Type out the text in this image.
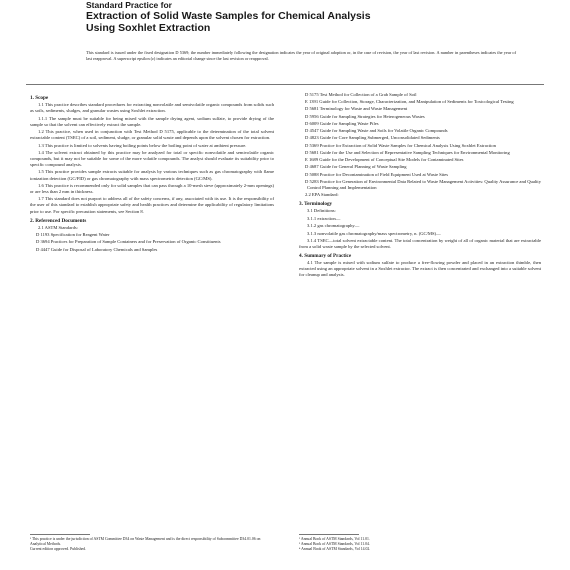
Standard Practice for
Extraction of Solid Waste Samples for Chemical Analysis
Using Soxhlet Extraction
This standard is issued under the fixed designation D 5369; the number immediately following the designation indicates the year of original adoption or, in the case of revision, the year of last revision. A number in parentheses indicates the year of last reapproval. A superscript epsilon (ε) indicates an editorial change since the last revision or reapproval.
1. Scope

1.1 This practice describes standard procedures for extracting nonvolatile and semivolatile organic compounds from solids such as soils, sediments, sludges, and granular wastes using Soxhlet extraction.

1.1.1 The sample must be suitable for being mixed with the sample drying agent, sodium sulfate, to provide drying of the sample so that the solvent can effectively extract the sample.

1.2 This practice, when used in conjunction with Test Method D 5175, applicable to the determination of the total solvent extractable content (TSEC) of a soil, sediment, sludge, or granular solid waste and depends upon the solvent chosen for extraction.

1.3 This practice is limited to solvents having boiling points below the boiling point of water at ambient pressure.

1.4 The solvent extract obtained by this practice may be analyzed for total or specific nonvolatile and semivolatile organic compounds, but it may not be suitable for some of the more volatile compounds. The analyst should evaluate its suitability prior to specific compound analysis.

1.5 This practice provides sample extracts suitable for analysis by various techniques such as gas chromatography with flame ionization detection (GC/FID) or gas chromatography with mass spectrometric detection (GC/MS).

1.6 This practice is recommended only for solid samples that can pass through a 10-mesh sieve (approximately 2-mm openings) or are less than 2 mm in thickness.

1.7 This standard does not purport to address all of the safety concerns, if any, associated with its use. It is the responsibility of the user of this standard to establish appropriate safety and health practices and determine the applicability of regulatory limitations prior to use. For specific precaution statements, see Section 8.

2. Referenced Documents

2.1 ASTM Standards:

D 1193 Specification for Reagent Water
D 3694 Practices for Preparation of Sample Containers and for Preservation of Organic Constituents
D 4447 Guide for Disposal of Laboratory Chemicals and Samples
D 5175 Test Method for Collection of a Grab Sample of Soil
E 1391 Guide for Collection, Storage, Characterization, and Manipulation of Sediments for Toxicological Testing
D 5681 Terminology for Waste and Waste Management
D 5956 Guide for Sampling Strategies for Heterogeneous Wastes
D 6009 Guide for Sampling Waste Piles
D 4547 Guide for Sampling Waste and Soils for Volatile Organic Compounds
D 4823 Guide for Core Sampling Submerged, Unconsolidated Sediments
D 5369 Practice for Extraction of Solid Waste Samples for Chemical Analysis Using Soxhlet Extraction
D 5681 Guide for the Use and Selection of Representative Sampling Techniques for Environmental Monitoring
E 1689 Guide for the Development of Conceptual Site Models for Contaminated Sites
D 4687 Guide for General Planning of Waste Sampling
D 5088 Practice for Decontamination of Field Equipment Used at Waste Sites
D 5283 Practice for Generation of Environmental Data Related to Waste Management Activities: Quality Assurance and Quality Control Planning and Implementation
2.2 EPA Standard:
3. Terminology

3.1 Definitions:

3.1.1 extraction—

3.1.2 gas chromatography—

3.1.3 nonvolatile gas chromatography/mass spectrometry, n. (GC/MS)—

3.1.4 TSEC—total solvent extractable content. The total concentration by weight of all of organic material that are extractable from a solid waste sample by the selected solvent.

4. Summary of Practice

4.1 The sample is mixed with sodium sulfate to produce a free-flowing powder and placed in an extraction thimble, then extracted using an appropriate solvent in a Soxhlet extractor. The extract is then concentrated and exchanged into a suitable solvent for cleanup and analysis.

¹ This practice is under the jurisdiction of ASTM Committee D34 on Waste Management and is the direct responsibility of Subcommittee D34.01.06 on Analytical Methods.
Current edition approved. Published.
² Annual Book of ASTM Standards, Vol 11.01.
³ Annual Book of ASTM Standards, Vol 11.04.
⁴ Annual Book of ASTM Standards, Vol 14.02.
